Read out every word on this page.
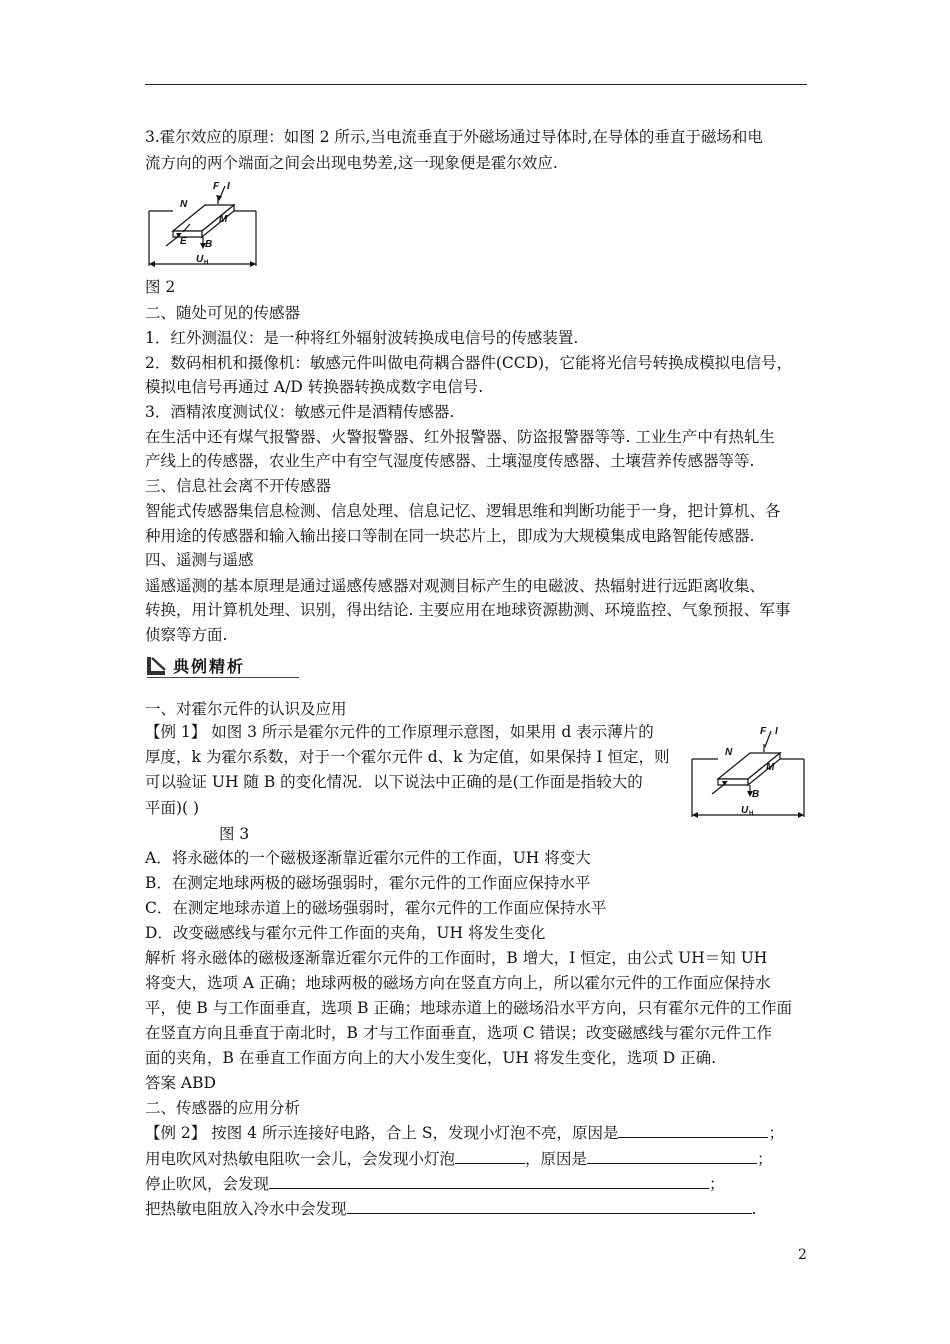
3.霍尔效应的原理：如图 2 所示,当电流垂直于外磁场通过导体时,在导体的垂直于磁场和电
流方向的两个端面之间会出现电势差,这一现象便是霍尔效应.
F I
N
M
E B
U H
图 2
二、随处可见的传感器
1．红外测温仪：是一种将红外辐射波转换成电信号的传感装置.
2．数码相机和摄像机：敏感元件叫做电荷耦合器件(CCD)，它能将光信号转换成模拟电信号，
模拟电信号再通过 A/D 转换器转换成数字电信号.
3．酒精浓度测试仪：敏感元件是酒精传感器.
在生活中还有煤气报警器、火警报警器、红外报警器、防盗报警器等等. 工业生产中有热轧生
产线上的传感器，农业生产中有空气湿度传感器、土壤湿度传感器、土壤营养传感器等等.
三、信息社会离不开传感器
智能式传感器集信息检测、信息处理、信息记忆、逻辑思维和判断功能于一身，把计算机、各
种用途的传感器和输入输出接口等制在同一块芯片上，即成为大规模集成电路智能传感器.
四、遥测与遥感
遥感遥测的基本原理是通过遥感传感器对观测目标产生的电磁波、热辐射进行远距离收集、
转换，用计算机处理、识别，得出结论. 主要应用在地球资源勘测、环境监控、气象预报、军事
侦察等方面.
典例精析
一、对霍尔元件的认识及应用
【例 1】 如图 3 所示是霍尔元件的工作原理示意图，如果用 d 表示薄片的
厚度，k 为霍尔系数，对于一个霍尔元件 d、k 为定值，如果保持 I 恒定，则
可以验证 UH 随 B 的变化情况．以下说法中正确的是(工作面是指较大的
平面)( )
图 3
F I
N
M
B
U H
A．将永磁体的一个磁极逐渐靠近霍尔元件的工作面，UH 将变大
B．在测定地球两极的磁场强弱时，霍尔元件的工作面应保持水平
C．在测定地球赤道上的磁场强弱时，霍尔元件的工作面应保持水平
D．改变磁感线与霍尔元件工作面的夹角，UH 将发生变化
解析 将永磁体的磁极逐渐靠近霍尔元件的工作面时，B 增大，I 恒定，由公式 UH＝知 UH
将变大，选项 A 正确；地球两极的磁场方向在竖直方向上，所以霍尔元件的工作面应保持水
平，使 B 与工作面垂直，选项 B 正确；地球赤道上的磁场沿水平方向，只有霍尔元件的工作面
在竖直方向且垂直于南北时，B 才与工作面垂直，选项 C 错误；改变磁感线与霍尔元件工作
面的夹角，B 在垂直工作面方向上的大小发生变化，UH 将发生变化，选项 D 正确.
答案 ABD
二、传感器的应用分析
【例 2】 按图 4 所示连接好电路，合上 S，发现小灯泡不亮，原因是	；
用电吹风对热敏电阻吹一会儿，会发现小灯泡	，原因是	；
停止吹风，会发现	；
把热敏电阻放入冷水中会发现	.
2
